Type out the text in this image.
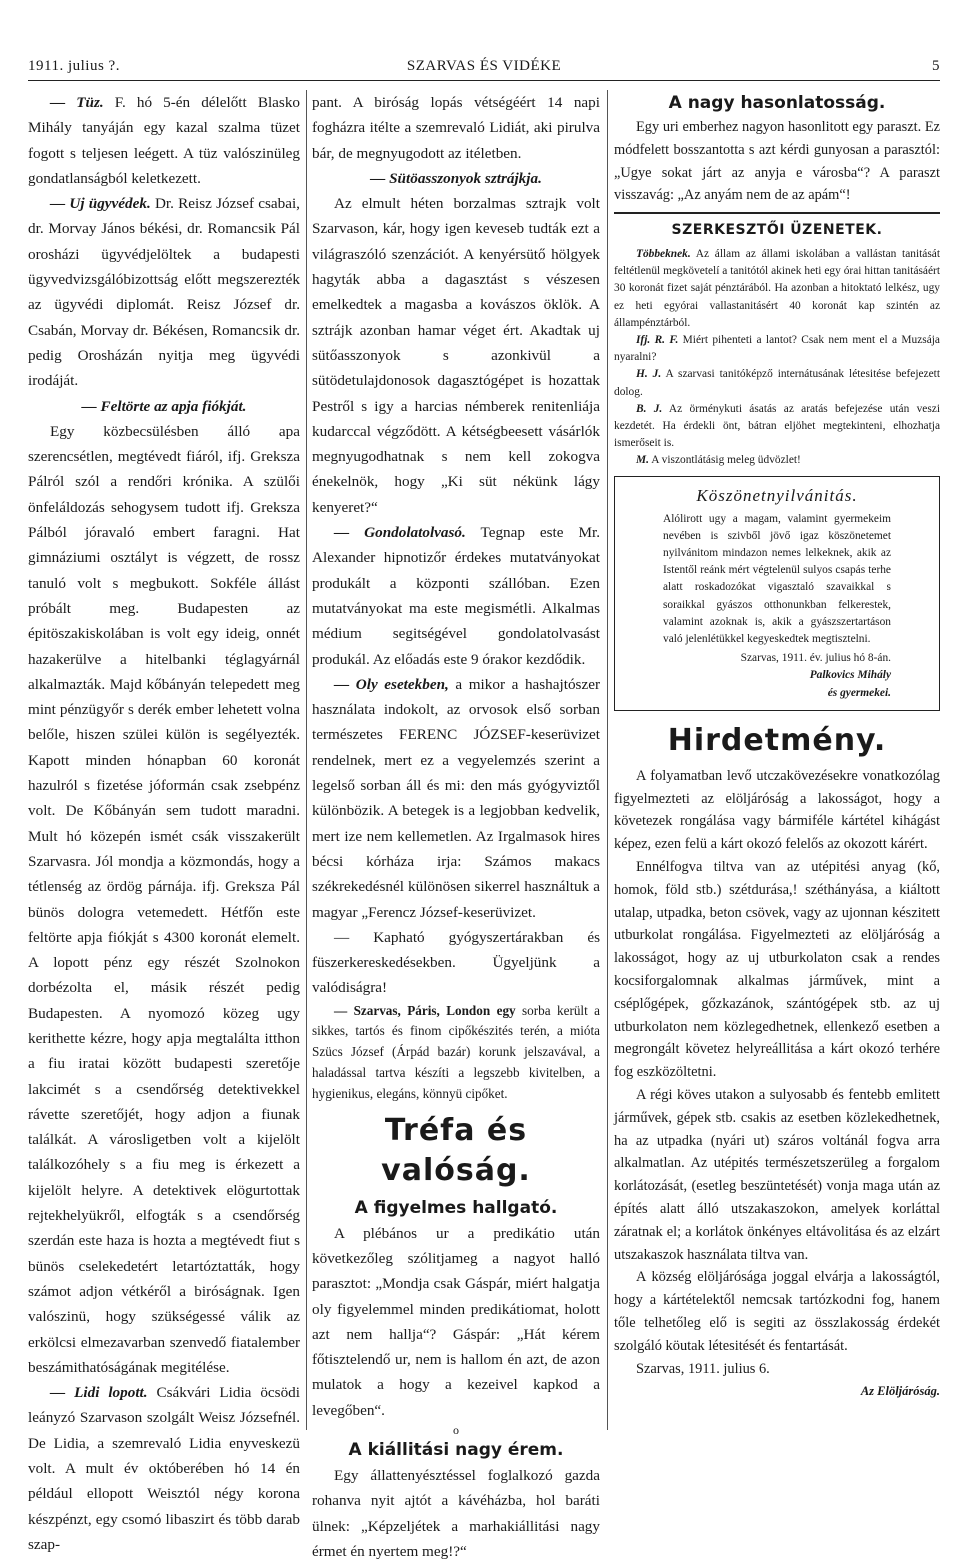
1911. julius ?.	SZARVAS ÉS VIDÉKE	5

— Tüz. F. hó 5-én délelőtt Blasko Mihály tanyáján egy kazal szalma tüzet fogott s teljesen leégett. A tüz valószinüleg gondatlanságból keletkezett.

— Uj ügyvédek. Dr. Reisz József csabai, dr. Morvay János békési, dr. Romancsik Pál orosházi ügyvédjelöltek a budapesti ügyvedvizsgálóbizottság előtt megszerezték az ügyvédi diplomát. Reisz József dr. Csabán, Morvay dr. Békésen, Romancsik dr. pedig Orosházán nyitja meg ügyvédi irodáját.

— Feltörte az apja fiókját.

Egy közbecsülésben álló apa szerencsétlen, megtévedt fiáról, ifj. Greksza Pálról szól a rendőri krónika. A szülői önfeláldozás sehogysem tudott ifj. Greksza Pálból jóravaló embert faragni. Hat gimnáziumi osztályt is végzett, de rossz tanuló volt s megbukott. Sokféle állást próbált meg. Budapesten az épitöszakiskolában is volt egy ideig, onnét hazakerülve a hitelbanki téglagyárnál alkalmazták. Majd kőbányán telepedett meg mint pénzügyőr s derék ember lehetett volna belőle, hiszen szülei külön is segélyezték. Kapott minden hónapban 60 koronát hazulról s fizetése jóformán csak zsebpénz volt. De Kőbányán sem tudott maradni. Mult hó közepén ismét csák visszakerült Szarvasra. Jól mondja a közmondás, hogy a tétlenség az ördög párnája. ifj. Greksza Pál bünös dologra vetemedett. Hétfőn este feltörte apja fiókját s 4300 koronát elemelt. A lopott pénz egy részét Szolnokon dorbézolta el, másik részét pedig Budapesten. A nyomozó közeg ugy kerithette kézre, hogy apja megtalálta itthon a fiu iratai között budapesti szeretője lakcimét s a csendőrség detektivekkel rávette szeretőjét, hogy adjon a fiunak találkát. A városligetben volt a kijelölt találkozóhely s a fiu meg is érkezett a kijelölt helyre. A detektivek elögurtottak rejtekhelyükről, elfogták s a csendőrség szerdán este haza is hozta a megtévedt fiut s bünös cselekedetért letartóztatták, hogy számot adjon vétkéről a biróságnak. Igen valószinü, hogy szükségessé válik az erkölcsi elmezavarban szenvedő fiatalember beszámithatóságának megitélése.

— Lidi lopott. Csákvári Lidia öcsödi leányzó Szarvason szolgált Weisz Józsefnél. De Lidia, a szemrevaló Lidia enyveskezü volt. A mult év októberében hó 14 én például ellopott Weisztól négy korona készpénzt, egy csomó libaszirt és több darab szap-

pant. A biróság lopás vétségéért 14 napi fogházra itélte a szemrevaló Lidiát, aki pirulva bár, de megnyugodott az itéletben.

— Sütöasszonyok sztrájkja.

Az elmult héten borzalmas sztrajk volt Szarvason, kár, hogy igen keveseb tudták ezt a világraszóló szenzációt. A kenyérsütő hölgyek hagyták abba a dagasztást s vészesen emelkedtek a magasba a kovászos öklök. A sztrájk azonban hamar véget ért. Akadtak uj sütőasszonyok s azonkivül a sütödetulajdonosok dagasztógépet is hozattak Pestről s igy a harcias némberek renitenliája kudarccal végződött. A kétségbeesett vásárlók megnyugodhatnak s nem kell zokogva énekelnök, hogy „Ki süt nékünk lágy kenyeret?“

— Gondolatolvasó. Tegnap este Mr. Alexander hipnotizőr érdekes mutatványokat produkált a központi szállóban. Ezen mutatványokat ma este megismétli. Alkalmas médium segitségével gondolatolvasást produkál. Az előadás este 9 órakor kezdődik.

— Oly esetekben, a mikor a hashajtószer használata indokolt, az orvosok első sorban természetes FERENC JÓZSEF-keserüvizet rendelnek, mert ez a vegyelemzés szerint a legelső sorban áll és mi: den más gyógyviztől különbözik. A betegek is a legjobban kedvelik, mert ize nem kellemetlen. Az Irgalmasok hires bécsi kórháza irja: Számos makacs székrekedésnél különösen sikerrel használtuk a magyar „Ferencz József-keserüvizet.

— Kapható gyógyszertárakban és füszerkereskedésekben. Ügyeljünk a valódiságra!

— Szarvas, Páris, London egy sorba került a sikkes, tartós és finom cipőkészités terén, a mióta Szücs József (Árpád bazár) korunk jelszavával, a haladással tartva készíti a legszebb kivitelben, a hygienikus, elegáns, könnyü cipőket.

Tréfa és valóság.
A figyelmes hallgató.

A plébános ur a predikátio után következőleg szólitjameg a nagyot halló parasztot: „Mondja csak Gáspár, miért halgatja oly figyelemmel minden predikátiomat, holott azt nem hallja“? Gáspár: „Hát kérem főtisztelendő ur, nem is hallom én azt, de azon mulatok a hogy a kezeivel kapkod a levegőben“.

o
A kiállitási nagy érem.

Egy állattenyésztéssel foglalkozó gazda rohanva nyit ajtót a kávéházba, hol baráti ülnek: „Képzeljétek a marhakiállitási nagy érmet én nyertem meg!?“

A nagy hasonlatosság.

Egy uri emberhez nagyon hasonlitott egy paraszt. Ez módfelett bosszantotta s azt kérdi gunyosan a parasztól: „Ugye sokat járt az anyja e városba“? A paraszt visszavág: „Az anyám nem de az apám“!

SZERKESZTŐI ÜZENETEK.

Többeknek. Az állam az állami iskolában a vallástan tanitását feltétlenül megkövetelí a tanitótól akinek heti egy órai hittan tanitásáért 30 koronát fizet saját pénztárából. Ha azonban a hitoktató lelkész, ugy ez heti egyórai vallastanitásért 40 koronát kap szintén az állampénztárból.

Ifj. R. F. Miért pihenteti a lantot? Csak nem ment el a Muzsája nyaralni?

H. J. A szarvasi tanitóképző internátusának létesitése befejezett dolog.

B. J. Az örménykuti ásatás az aratás befejezése után veszi kezdetét. Ha érdekli önt, bátran eljöhet megtekinteni, elhozhatja ismerőseit is.

M. A viszontlátásig meleg üdvözlet!

Köszönetnyilvánitás.
Alólirott ugy a magam, valamint gyermekeim nevében is szivből jövő igaz köszönetemet nyilvánitom mindazon nemes lelkeknek, akik az Istentől reánk mért végtelenül sulyos csapás terhe alatt roskadozókat vigasztaló szavaikkal s soraikkal gyászos otthonunkban felkerestek, valamint azoknak is, akik a gyászszertartáson való jelenlétükkel kegyeskedtek megtisztelni.
Szarvas, 1911. év. julius hó 8-án.
Palkovics Mihály
és gyermekei.
Hirdetmény.

A folyamatban levő utczakövezésekre vonatkozólag figyelmezteti az elöljáróság a lakosságot, hogy a követezek rongálása vagy bármiféle kártétel kihágást képez, ezen felü a kárt okozó felelős az okozott kárért.

Ennélfogva tiltva van az utépitési anyag (kő, homok, föld stb.) szétdurása,! széthányása, a kiáltott utalap, utpadka, beton csövek, vagy az ujonnan készitett utburkolat rongálása. Figyelmezteti az elöljáróság a lakosságot, hogy az uj utburkolaton csak a rendes kocsiforgalomnak alkalmas járművek, mint a cséplőgépek, gőzkazánok, szántógépek stb. az uj utburkolaton nem közlegedhetnek, ellenkező esetben a megrongált követez helyreállitása a kárt okozó terhére fog eszközöltetni.

A régi köves utakon a sulyosabb és fentebb emlitett járművek, gépek stb. csakis az esetben közlekedhetnek, ha az utpadka (nyári ut) száros voltánál fogva arra alkalmatlan. Az utépités természetszerüleg a forgalom korlátozását, (esetleg beszüntetését) vonja maga után az építés alatt álló utszakaszokon, amelyek korláttal záratnak el; a korlátok önkényes eltávolitása és az elzárt utszakaszok használata tiltva van.

A község elöljárósága joggal elvárja a lakosságtól, hogy a kártételektől nemcsak tartózkodni fog, hanem tőle telhetőleg elő is segiti az összlakosság érdekét szolgáló köutak létesitését és fentartását.

Szarvas, 1911. julius 6.

Az Elöljáróság.
